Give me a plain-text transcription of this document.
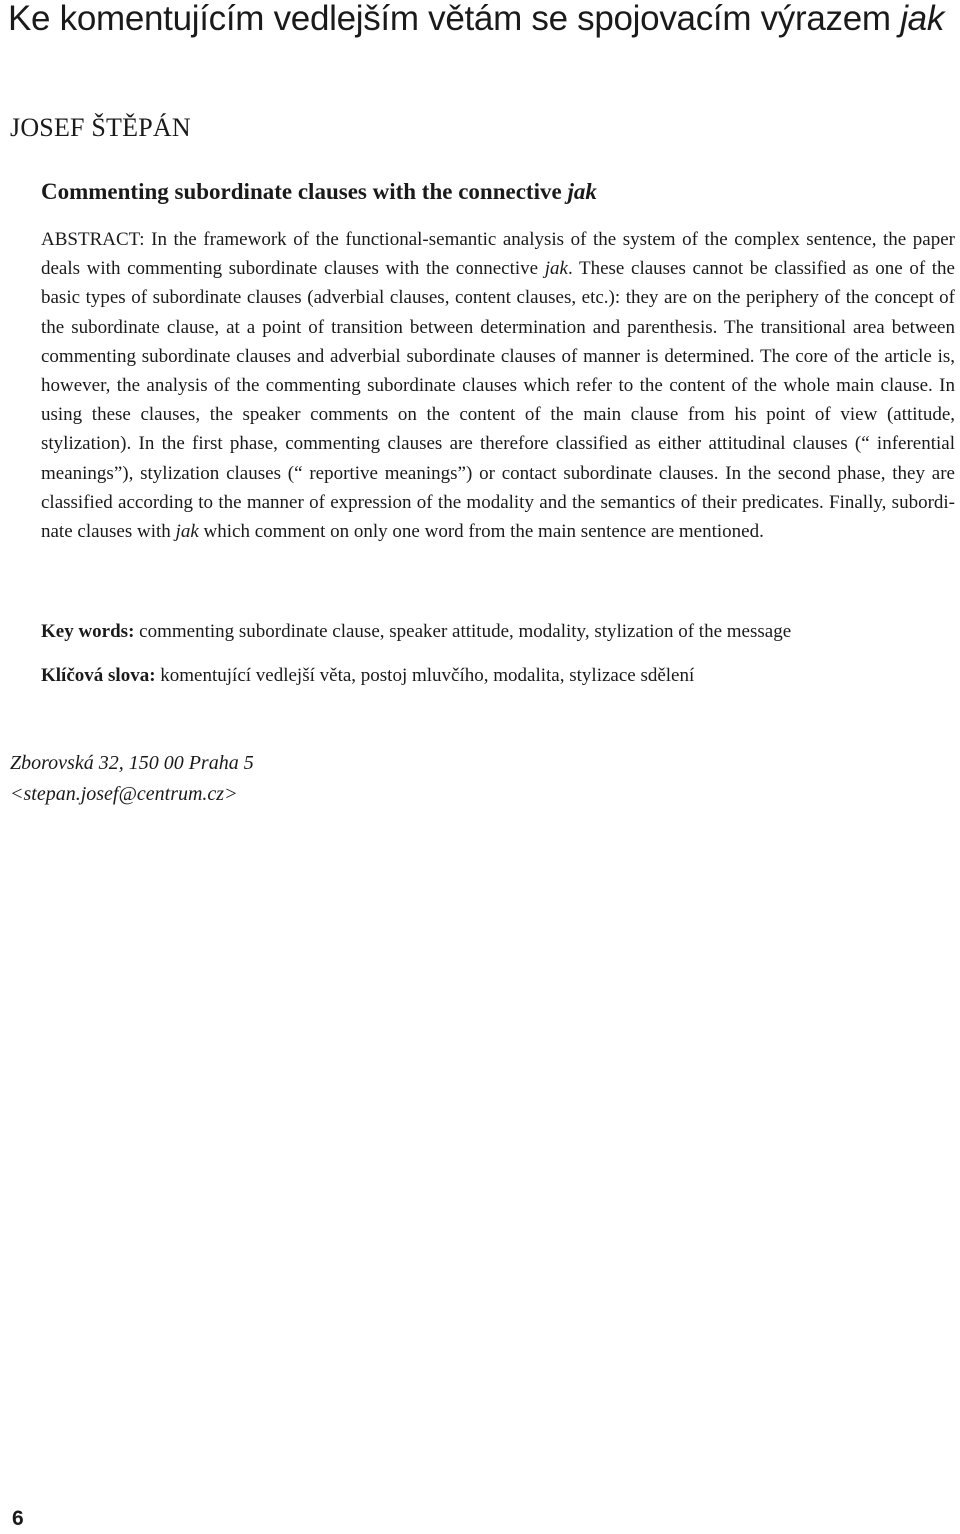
Ke komentujícím vedlejším větám se spojovacím výrazem jak
JOSEF ŠTĚPÁN
Commenting subordinate clauses with the connective jak

ABSTRACT: In the framework of the functional-semantic analysis of the system of the complex sentence, the paper deals with commenting subordinate clauses with the connective jak. These clauses cannot be classified as one of the basic types of subordinate clauses (adverbial clauses, content clauses, etc.): they are on the periphery of the concept of the subordinate clause, at a point of transition between determination and parenthesis. The transitional area between commenting subordinate clauses and adverbial subordinate clauses of manner is determined. The core of the article is, however, the analysis of the commenting subordinate clauses which refer to the content of the whole main clause. In using these clauses, the speaker comments on the content of the main clause from his point of view (attitude, stylization). In the first phase, commenting clauses are therefore classified as either attitudinal clauses (“ inferential meanings”), stylization clauses (“ reportive meanings”) or contact subordinate clauses. In the second phase, they are classified according to the manner of expression of the modality and the semantics of their predicates. Finally, subordinate clauses with jak which comment on only one word from the main sentence are mentioned.

Key words: commenting subordinate clause, speaker attitude, modality, stylization of the message

Klíčová slova: komentující vedlejší věta, postoj mluvčího, modalita, stylizace sdělení

Zborovská 32, 150 00 Praha 5
<stepan.josef@centrum.cz>
6
